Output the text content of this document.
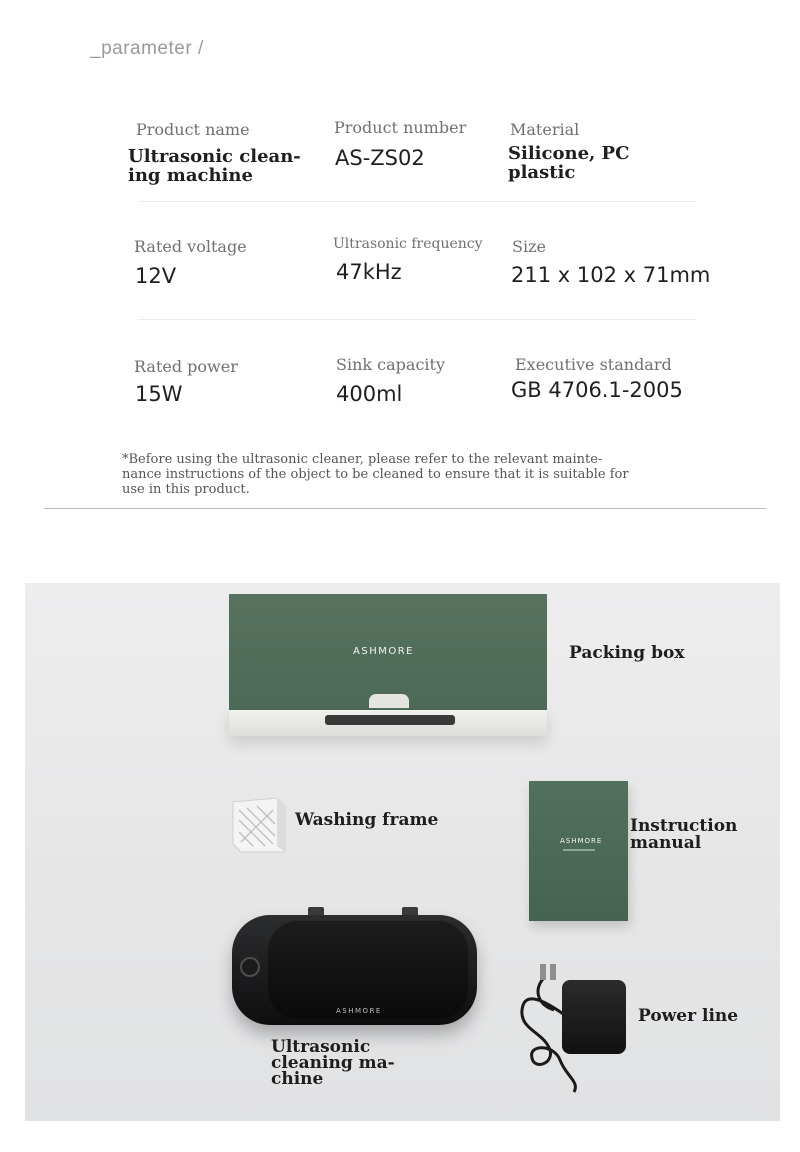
_parameter /
Product name
Ultrasonic clean-
ing machine
Product number
AS-ZS02
Material
Silicone, PC
plastic
Rated voltage
12V
Ultrasonic frequency
47kHz
Size
211 x 102 x 71mm
Rated power
15W
Sink capacity
400ml
Executive standard
GB 4706.1-2005
*Before using the ultrasonic cleaner, please refer to the relevant mainte-
nance instructions of the object to be cleaned to ensure that it is suitable for
use in this product.
ASHMORE	Packing box
Washing frame
ASHMORE
Instruction
manual
ASHMORE
Ultrasonic
cleaning ma-
chine
Power line
